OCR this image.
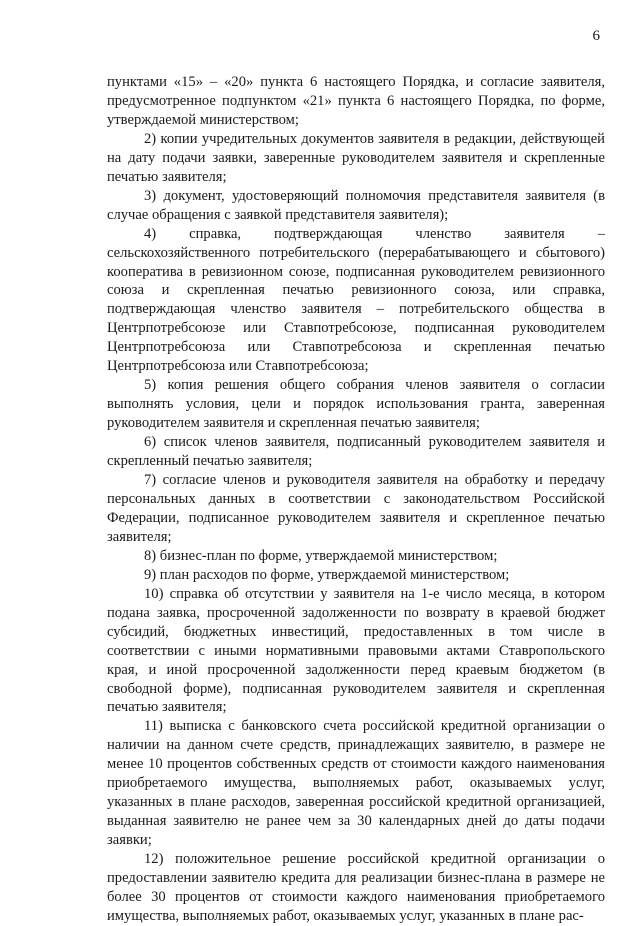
6

пунктами «15» – «20» пункта 6 настоящего Порядка, и согласие заявителя, предусмотренное подпунктом «21» пункта 6 настоящего Порядка, по форме, утверждаемой министерством;

2) копии учредительных документов заявителя в редакции, действующей на дату подачи заявки, заверенные руководителем заявителя и скрепленные печатью заявителя;

3) документ, удостоверяющий полномочия представителя заявителя (в случае обращения с заявкой представителя заявителя);

4) справка, подтверждающая членство заявителя – сельскохозяйственного потребительского (перерабатывающего и сбытового) кооператива в ревизионном союзе, подписанная руководителем ревизионного союза и скрепленная печатью ревизионного союза, или справка, подтверждающая членство заявителя – потребительского общества в Центрпотребсоюзе или Ставпотребсоюзе, подписанная руководителем Центрпотребсоюза или Ставпотребсоюза и скрепленная печатью Центрпотребсоюза или Ставпотребсоюза;

5) копия решения общего собрания членов заявителя о согласии выполнять условия, цели и порядок использования гранта, заверенная руководителем заявителя и скрепленная печатью заявителя;

6) список членов заявителя, подписанный руководителем заявителя и скрепленный печатью заявителя;

7) согласие членов и руководителя заявителя на обработку и передачу персональных данных в соответствии с законодательством Российской Федерации, подписанное руководителем заявителя и скрепленное печатью заявителя;

8) бизнес-план по форме, утверждаемой министерством;

9) план расходов по форме, утверждаемой министерством;

10) справка об отсутствии у заявителя на 1-е число месяца, в котором подана заявка, просроченной задолженности по возврату в краевой бюджет субсидий, бюджетных инвестиций, предоставленных в том числе в соответствии с иными нормативными правовыми актами Ставропольского края, и иной просроченной задолженности перед краевым бюджетом (в свободной форме), подписанная руководителем заявителя и скрепленная печатью заявителя;

11) выписка с банковского счета российской кредитной организации о наличии на данном счете средств, принадлежащих заявителю, в размере не менее 10 процентов собственных средств от стоимости каждого наименования приобретаемого имущества, выполняемых работ, оказываемых услуг, указанных в плане расходов, заверенная российской кредитной организацией, выданная заявителю не ранее чем за 30 календарных дней до даты подачи заявки;

12) положительное решение российской кредитной организации о предоставлении заявителю кредита для реализации бизнес-плана в размере не более 30 процентов от стоимости каждого наименования приобретаемого имущества, выполняемых работ, оказываемых услуг, указанных в плане рас-
